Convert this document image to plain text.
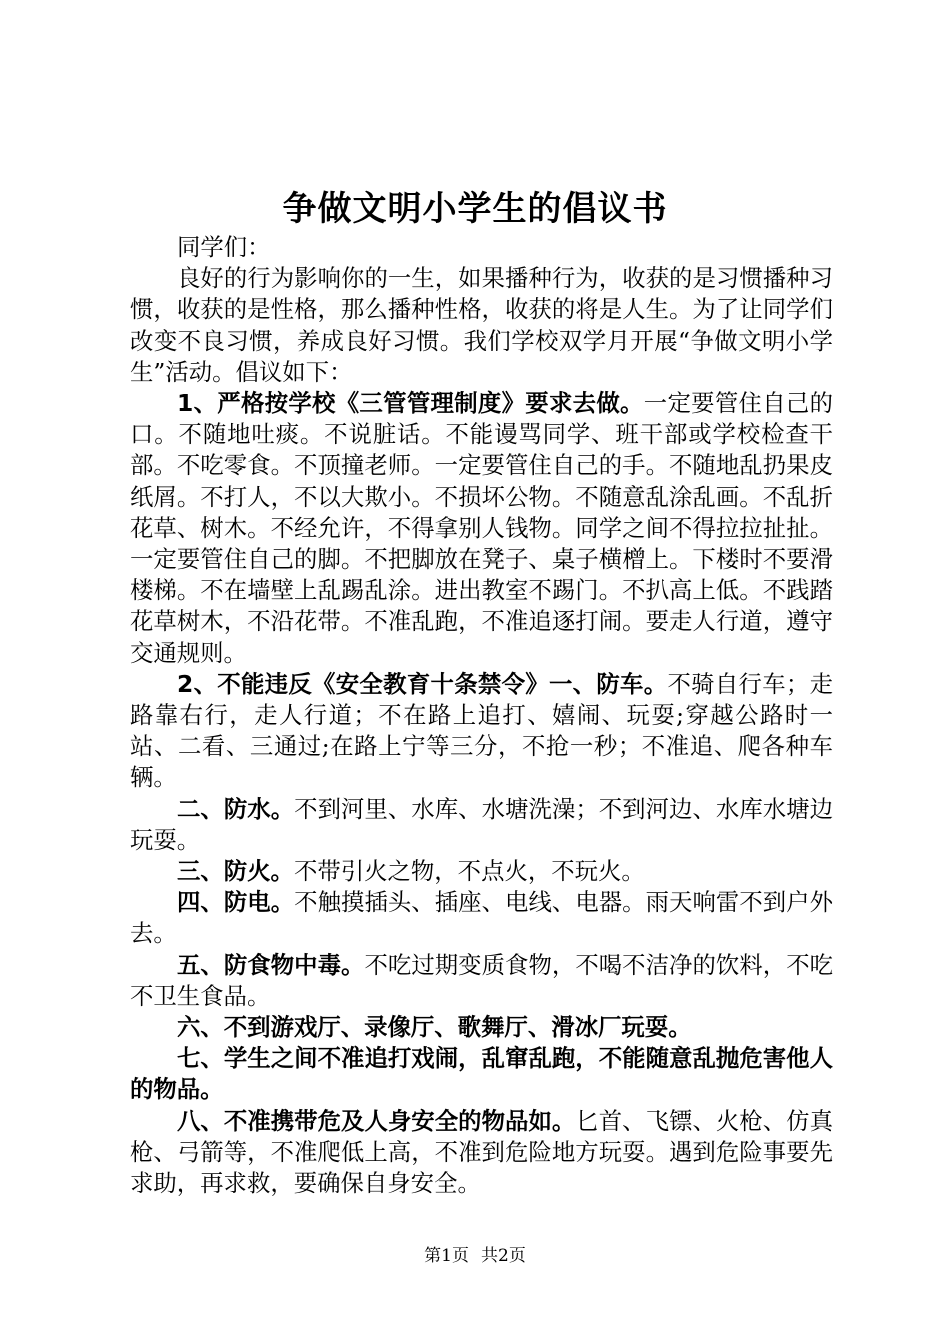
争做文明小学生的倡议书

同学们：

良好的行为影响你的一生，如果播种行为，收获的是习惯播种习惯，收获的是性格，那么播种性格，收获的将是人生。为了让同学们改变不良习惯，养成良好习惯。我们学校双学月开展“争做文明小学生”活动。倡议如下：

1、严格按学校《三管管理制度》要求去做。一定要管住自己的口。不随地吐痰。不说脏话。不能谩骂同学、班干部或学校检查干部。不吃零食。不顶撞老师。一定要管住自己的手。不随地乱扔果皮纸屑。不打人，不以大欺小。不损坏公物。不随意乱涂乱画。不乱折花草、树木。不经允许，不得拿别人钱物。同学之间不得拉拉扯扯。一定要管住自己的脚。不把脚放在凳子、桌子横橧上。下楼时不要滑楼梯。不在墙壁上乱踢乱涂。进出教室不踢门。不扒高上低。不践踏花草树木，不沿花带。不准乱跑，不准追逐打闹。要走人行道，遵守交通规则。

2、不能违反《安全教育十条禁令》一、防车。不骑自行车；走路靠右行，走人行道；不在路上追打、嬉闹、玩耍;穿越公路时一站、二看、三通过;在路上宁等三分，不抢一秒；不准追、爬各种车辆。

二、防水。不到河里、水库、水塘洗澡；不到河边、水库水塘边玩耍。

三、防火。不带引火之物，不点火，不玩火。

四、防电。不触摸插头、插座、电线、电器。雨天响雷不到户外去。

五、防食物中毒。不吃过期变质食物，不喝不洁净的饮料，不吃不卫生食品。

六、不到游戏厅、录像厅、歌舞厅、滑冰厂玩耍。

七、学生之间不准追打戏闹，乱窜乱跑，不能随意乱抛危害他人的物品。

八、不准携带危及人身安全的物品如。匕首、飞镖、火枪、仿真枪、弓箭等，不准爬低上高，不准到危险地方玩耍。遇到危险事要先求助，再求救，要确保自身安全。

第1页 共2页
